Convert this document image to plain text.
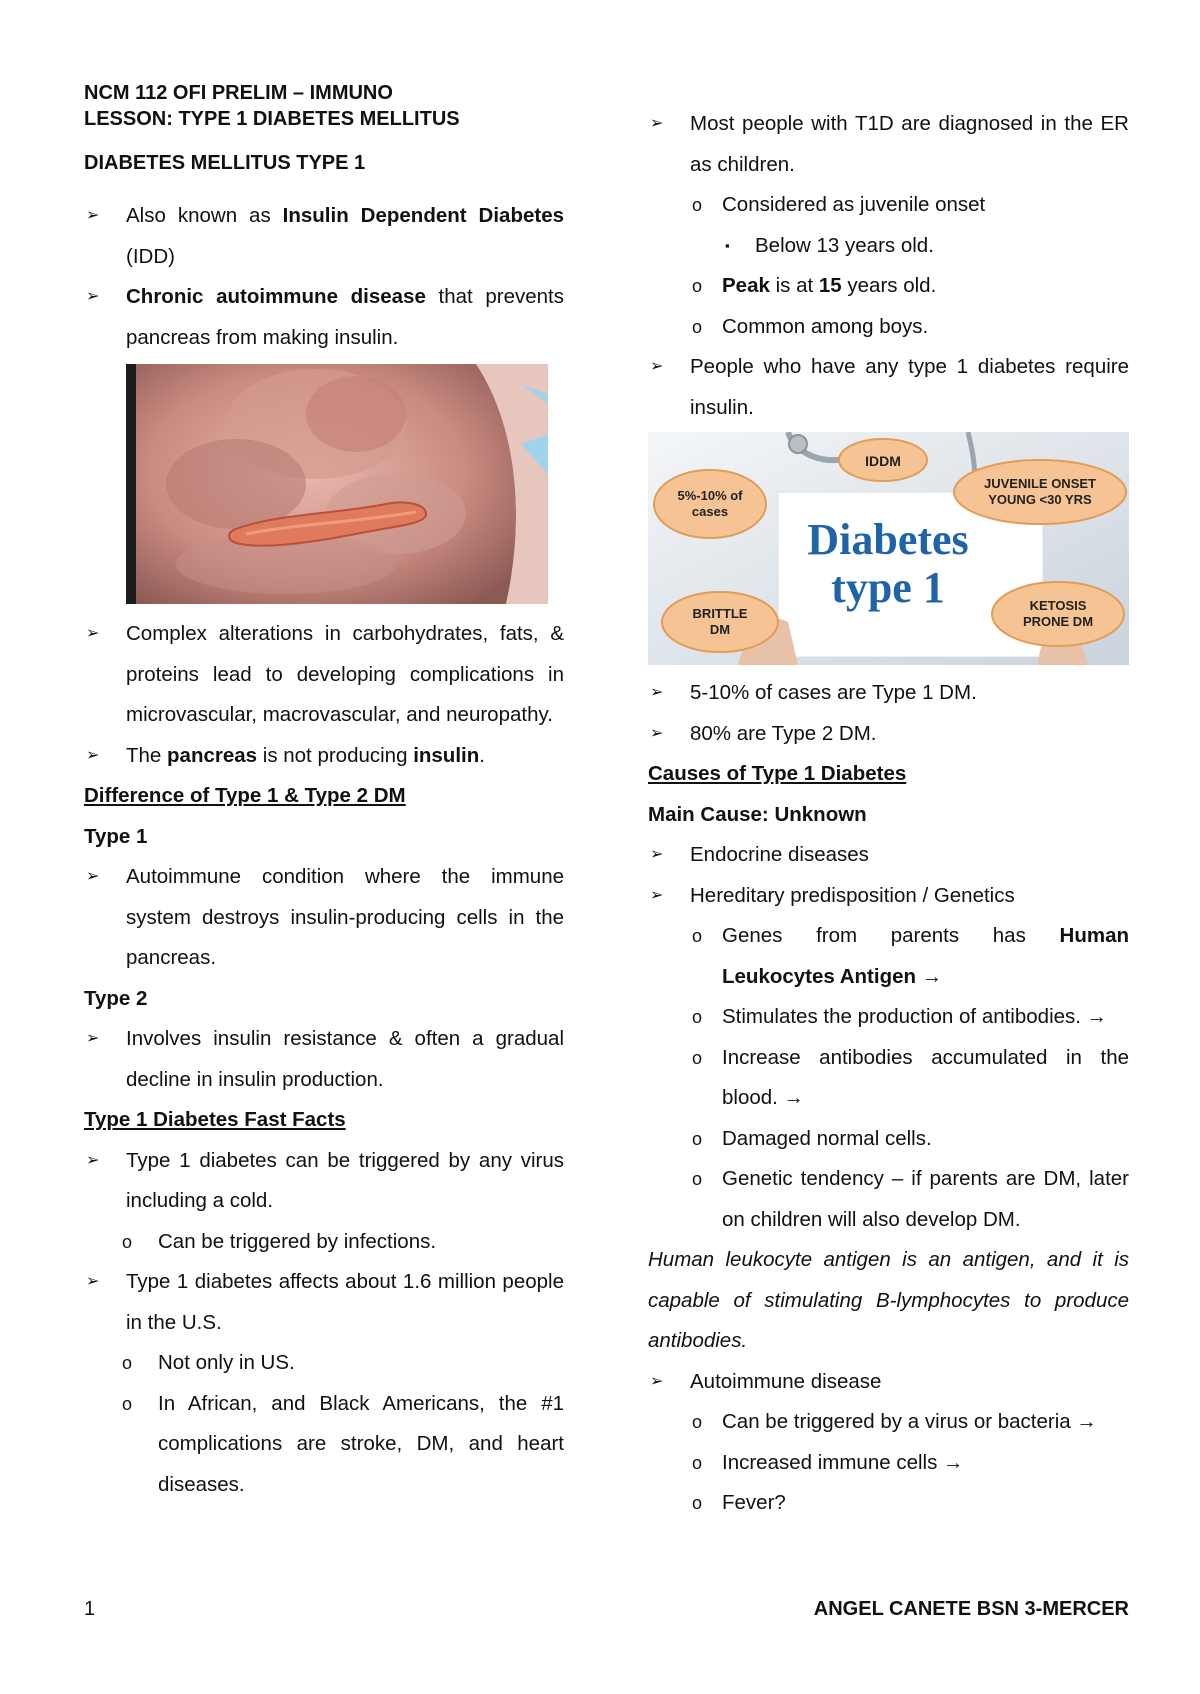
NCM 112 OFI PRELIM – IMMUNO
LESSON: TYPE 1 DIABETES MELLITUS
DIABETES MELLITUS TYPE 1
➢ Also known as Insulin Dependent Diabetes (IDD)
➢ Chronic autoimmune disease that prevents pancreas from making insulin.
➢ Complex alterations in carbohydrates, fats, & proteins lead to developing complications in microvascular, macrovascular, and neuropathy.
➢ The pancreas is not producing insulin.
Difference of Type 1 & Type 2 DM
Type 1
➢ Autoimmune condition where the immune system destroys insulin-producing cells in the pancreas.
Type 2
➢ Involves insulin resistance & often a gradual decline in insulin production.
Type 1 Diabetes Fast Facts
➢ Type 1 diabetes can be triggered by any virus including a cold.
o Can be triggered by infections.
➢ Type 1 diabetes affects about 1.6 million people in the U.S.
o Not only in US.
o In African, and Black Americans, the #1 complications are stroke, DM, and heart diseases.
➢ Most people with T1D are diagnosed in the ER as children.
o Considered as juvenile onset
▪ Below 13 years old.
o Peak is at 15 years old.
o Common among boys.
➢ People who have any type 1 diabetes require insulin.
IDDM
5%-10% of
cases
JUVENILE ONSET
YOUNG <30 YRS
BRITTLE
DM
KETOSIS
PRONE DM
Diabetes
type 1
➢ 5-10% of cases are Type 1 DM.
➢ 80% are Type 2 DM.
Causes of Type 1 Diabetes
Main Cause: Unknown
➢ Endocrine diseases
➢ Hereditary predisposition / Genetics
o Genes from parents has Human Leukocytes Antigen →
o Stimulates the production of antibodies. →
o Increase antibodies accumulated in the blood. →
o Damaged normal cells.
o Genetic tendency – if parents are DM, later on children will also develop DM.
Human leukocyte antigen is an antigen, and it is capable of stimulating B-lymphocytes to produce antibodies.
➢ Autoimmune disease
o Can be triggered by a virus or bacteria →
o Increased immune cells →
o Fever?
1	ANGEL CANETE BSN 3-MERCER
